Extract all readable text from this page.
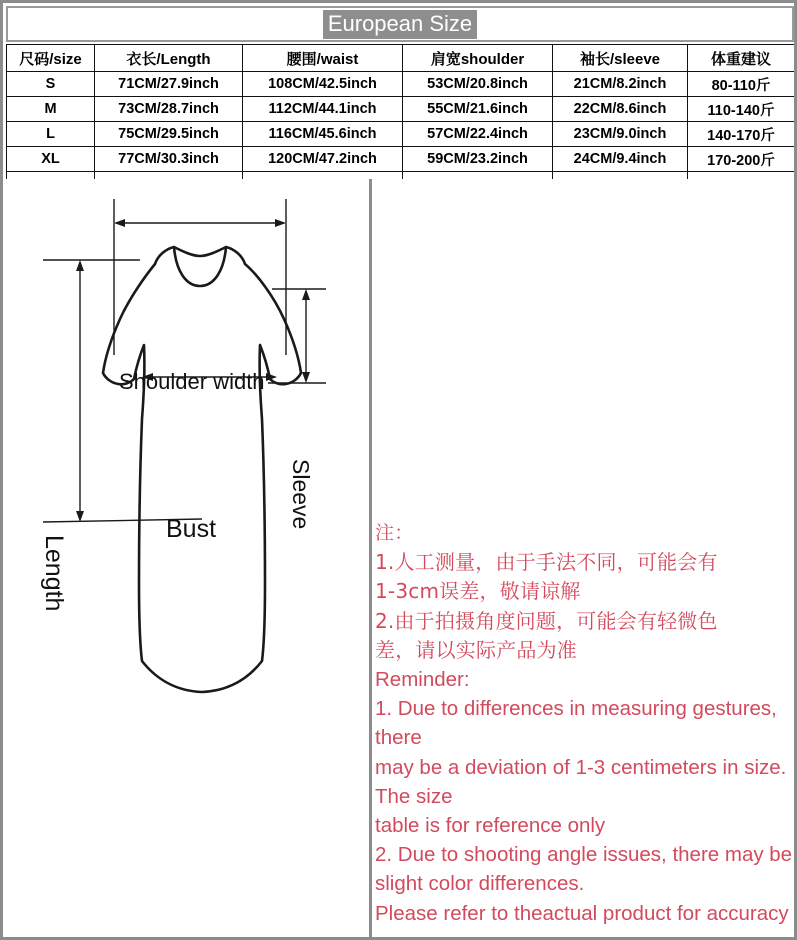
European Size
尺码/size	衣长/Length	腰围/waist	肩宽shoulder	袖长/sleeve	体重建议
S	71CM/27.9inch	108CM/42.5inch	53CM/20.8inch	21CM/8.2inch	80-110斤
M	73CM/28.7inch	112CM/44.1inch	55CM/21.6inch	22CM/8.6inch	110-140斤
L	75CM/29.5inch	116CM/45.6inch	57CM/22.4inch	23CM/9.0inch	140-170斤
XL	77CM/30.3inch	120CM/47.2inch	59CM/23.2inch	24CM/9.4inch	170-200斤

Shoulder width
Bust	Sleeve
Length
注：
1.人工测量，由于手法不同，可能会有
1-3cm误差，敬请谅解
2.由于拍摄角度问题，可能会有轻微色
差，请以实际产品为准
Reminder:
1. Due to differences in measuring gestures,
there
may be a deviation of 1-3 centimeters in size.
The size
table is for reference only
2. Due to shooting angle issues, there may be
slight color differences.
Please refer to theactual product for accuracy
